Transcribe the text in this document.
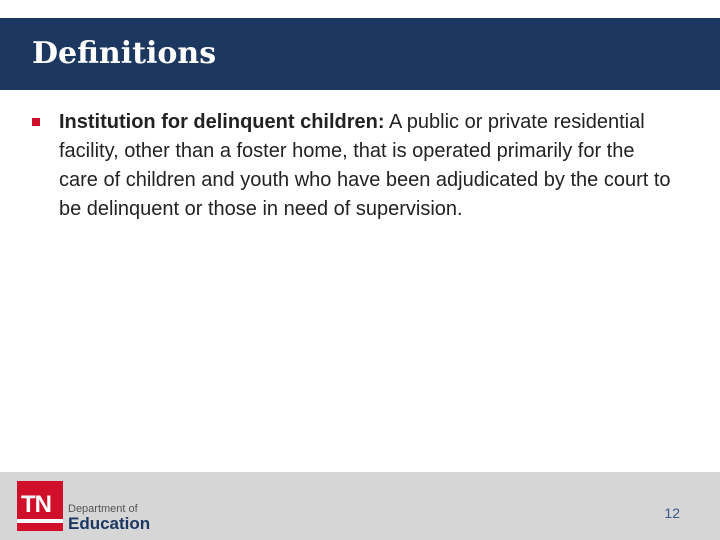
Definitions
Institution for delinquent children: A public or private residential facility, other than a foster home, that is operated primarily for the care of children and youth who have been adjudicated by the court to be delinquent or those in need of supervision.
TN Department of
Education
12
